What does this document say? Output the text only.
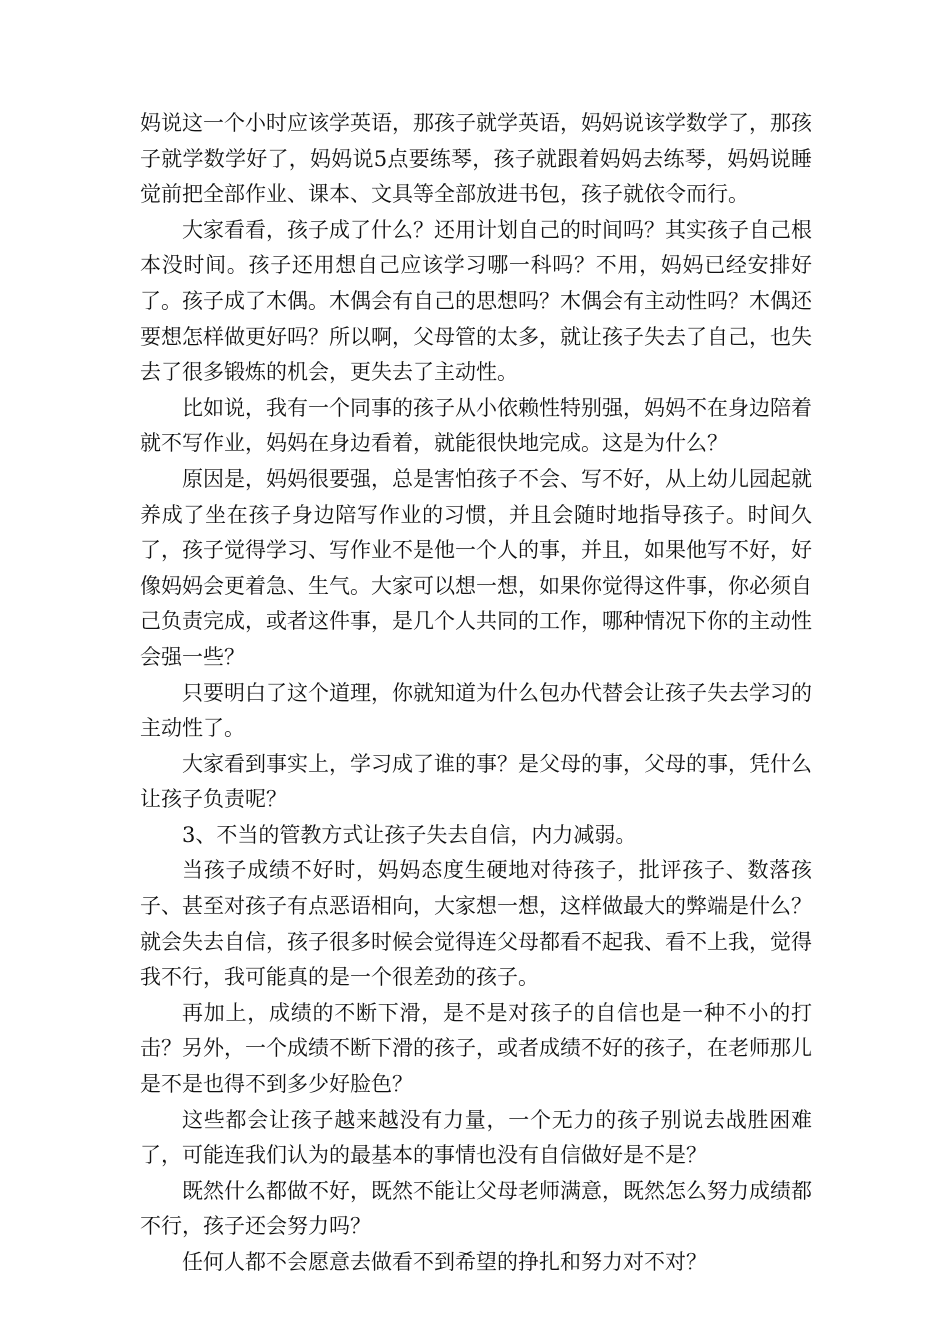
妈说这一个小时应该学英语，那孩子就学英语，妈妈说该学数学了，那孩子就学数学好了，妈妈说5点要练琴，孩子就跟着妈妈去练琴，妈妈说睡觉前把全部作业、课本、文具等全部放进书包，孩子就依令而行。

大家看看，孩子成了什么？还用计划自己的时间吗？其实孩子自己根本没时间。孩子还用想自己应该学习哪一科吗？不用，妈妈已经安排好了。孩子成了木偶。木偶会有自己的思想吗？木偶会有主动性吗？木偶还要想怎样做更好吗？所以啊，父母管的太多，就让孩子失去了自己，也失去了很多锻炼的机会，更失去了主动性。

比如说，我有一个同事的孩子从小依赖性特别强，妈妈不在身边陪着就不写作业，妈妈在身边看着，就能很快地完成。这是为什么？

原因是，妈妈很要强，总是害怕孩子不会、写不好，从上幼儿园起就养成了坐在孩子身边陪写作业的习惯，并且会随时地指导孩子。时间久了，孩子觉得学习、写作业不是他一个人的事，并且，如果他写不好，好像妈妈会更着急、生气。大家可以想一想，如果你觉得这件事，你必须自己负责完成，或者这件事，是几个人共同的工作，哪种情况下你的主动性会强一些？

只要明白了这个道理，你就知道为什么包办代替会让孩子失去学习的主动性了。

大家看到事实上，学习成了谁的事？是父母的事，父母的事，凭什么让孩子负责呢？

3、不当的管教方式让孩子失去自信，内力减弱。

当孩子成绩不好时，妈妈态度生硬地对待孩子，批评孩子、数落孩子、甚至对孩子有点恶语相向，大家想一想，这样做最大的弊端是什么？就会失去自信，孩子很多时候会觉得连父母都看不起我、看不上我，觉得我不行，我可能真的是一个很差劲的孩子。

再加上，成绩的不断下滑，是不是对孩子的自信也是一种不小的打击？另外，一个成绩不断下滑的孩子，或者成绩不好的孩子，在老师那儿是不是也得不到多少好脸色？

这些都会让孩子越来越没有力量，一个无力的孩子别说去战胜困难了，可能连我们认为的最基本的事情也没有自信做好是不是？

既然什么都做不好，既然不能让父母老师满意，既然怎么努力成绩都不行，孩子还会努力吗？

任何人都不会愿意去做看不到希望的挣扎和努力对不对？
